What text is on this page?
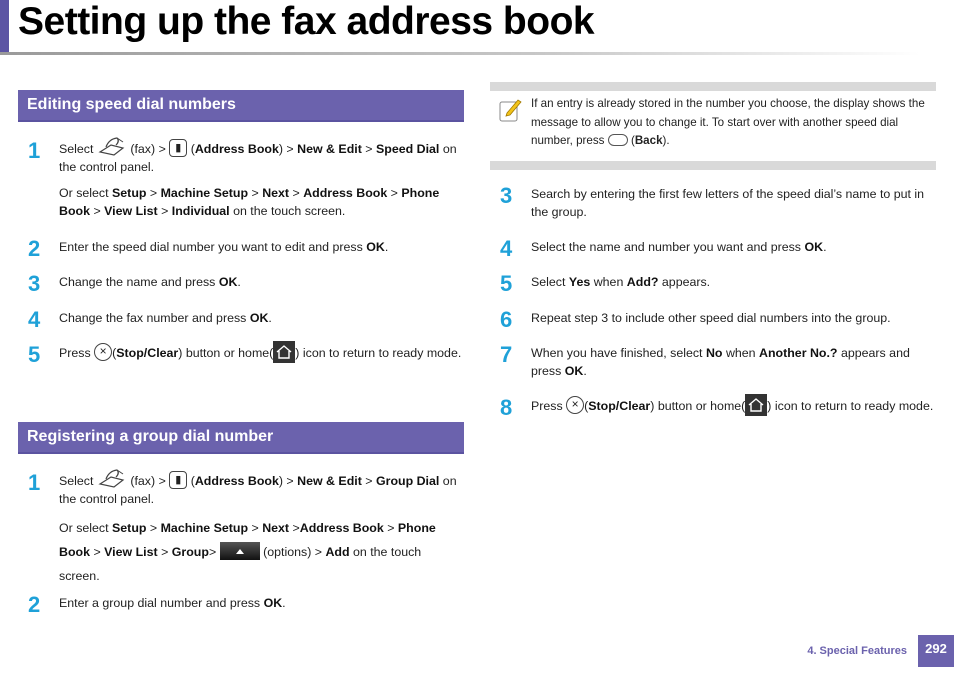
Setting up the fax address book
Editing speed dial numbers
1	Select	(fax) > ▮ (Address Book) > New & Edit > Speed Dial on the control panel.

Or select Setup > Machine Setup > Next > Address Book > Phone Book > View List > Individual on the touch screen.

2	Enter the speed dial number you want to edit and press OK.

3	Change the name and press OK.

4	Change the fax number and press OK.

5	Press × (Stop/Clear) button or home( ) icon to return to ready mode.

Registering a group dial number
1	Select	(fax) > ▮ (Address Book) > New & Edit > Group Dial on the control panel.

Or select Setup > Machine Setup > Next >Address Book > Phone Book > View List > Group>	(options) > Add on the touch screen.

2	Enter a group dial number and press OK.

If an entry is already stored in the number you choose, the display shows the message to allow you to change it. To start over with another speed dial number, press (Back).
3	Search by entering the first few letters of the speed dial’s name to put in the group.

4	Select the name and number you want and press OK.

5	Select Yes when Add? appears.

6	Repeat step 3 to include other speed dial numbers into the group.

7	When you have finished, select No when Another No.? appears and press OK.

8	Press × (Stop/Clear) button or home( ) icon to return to ready mode.

4. Special Features	292
